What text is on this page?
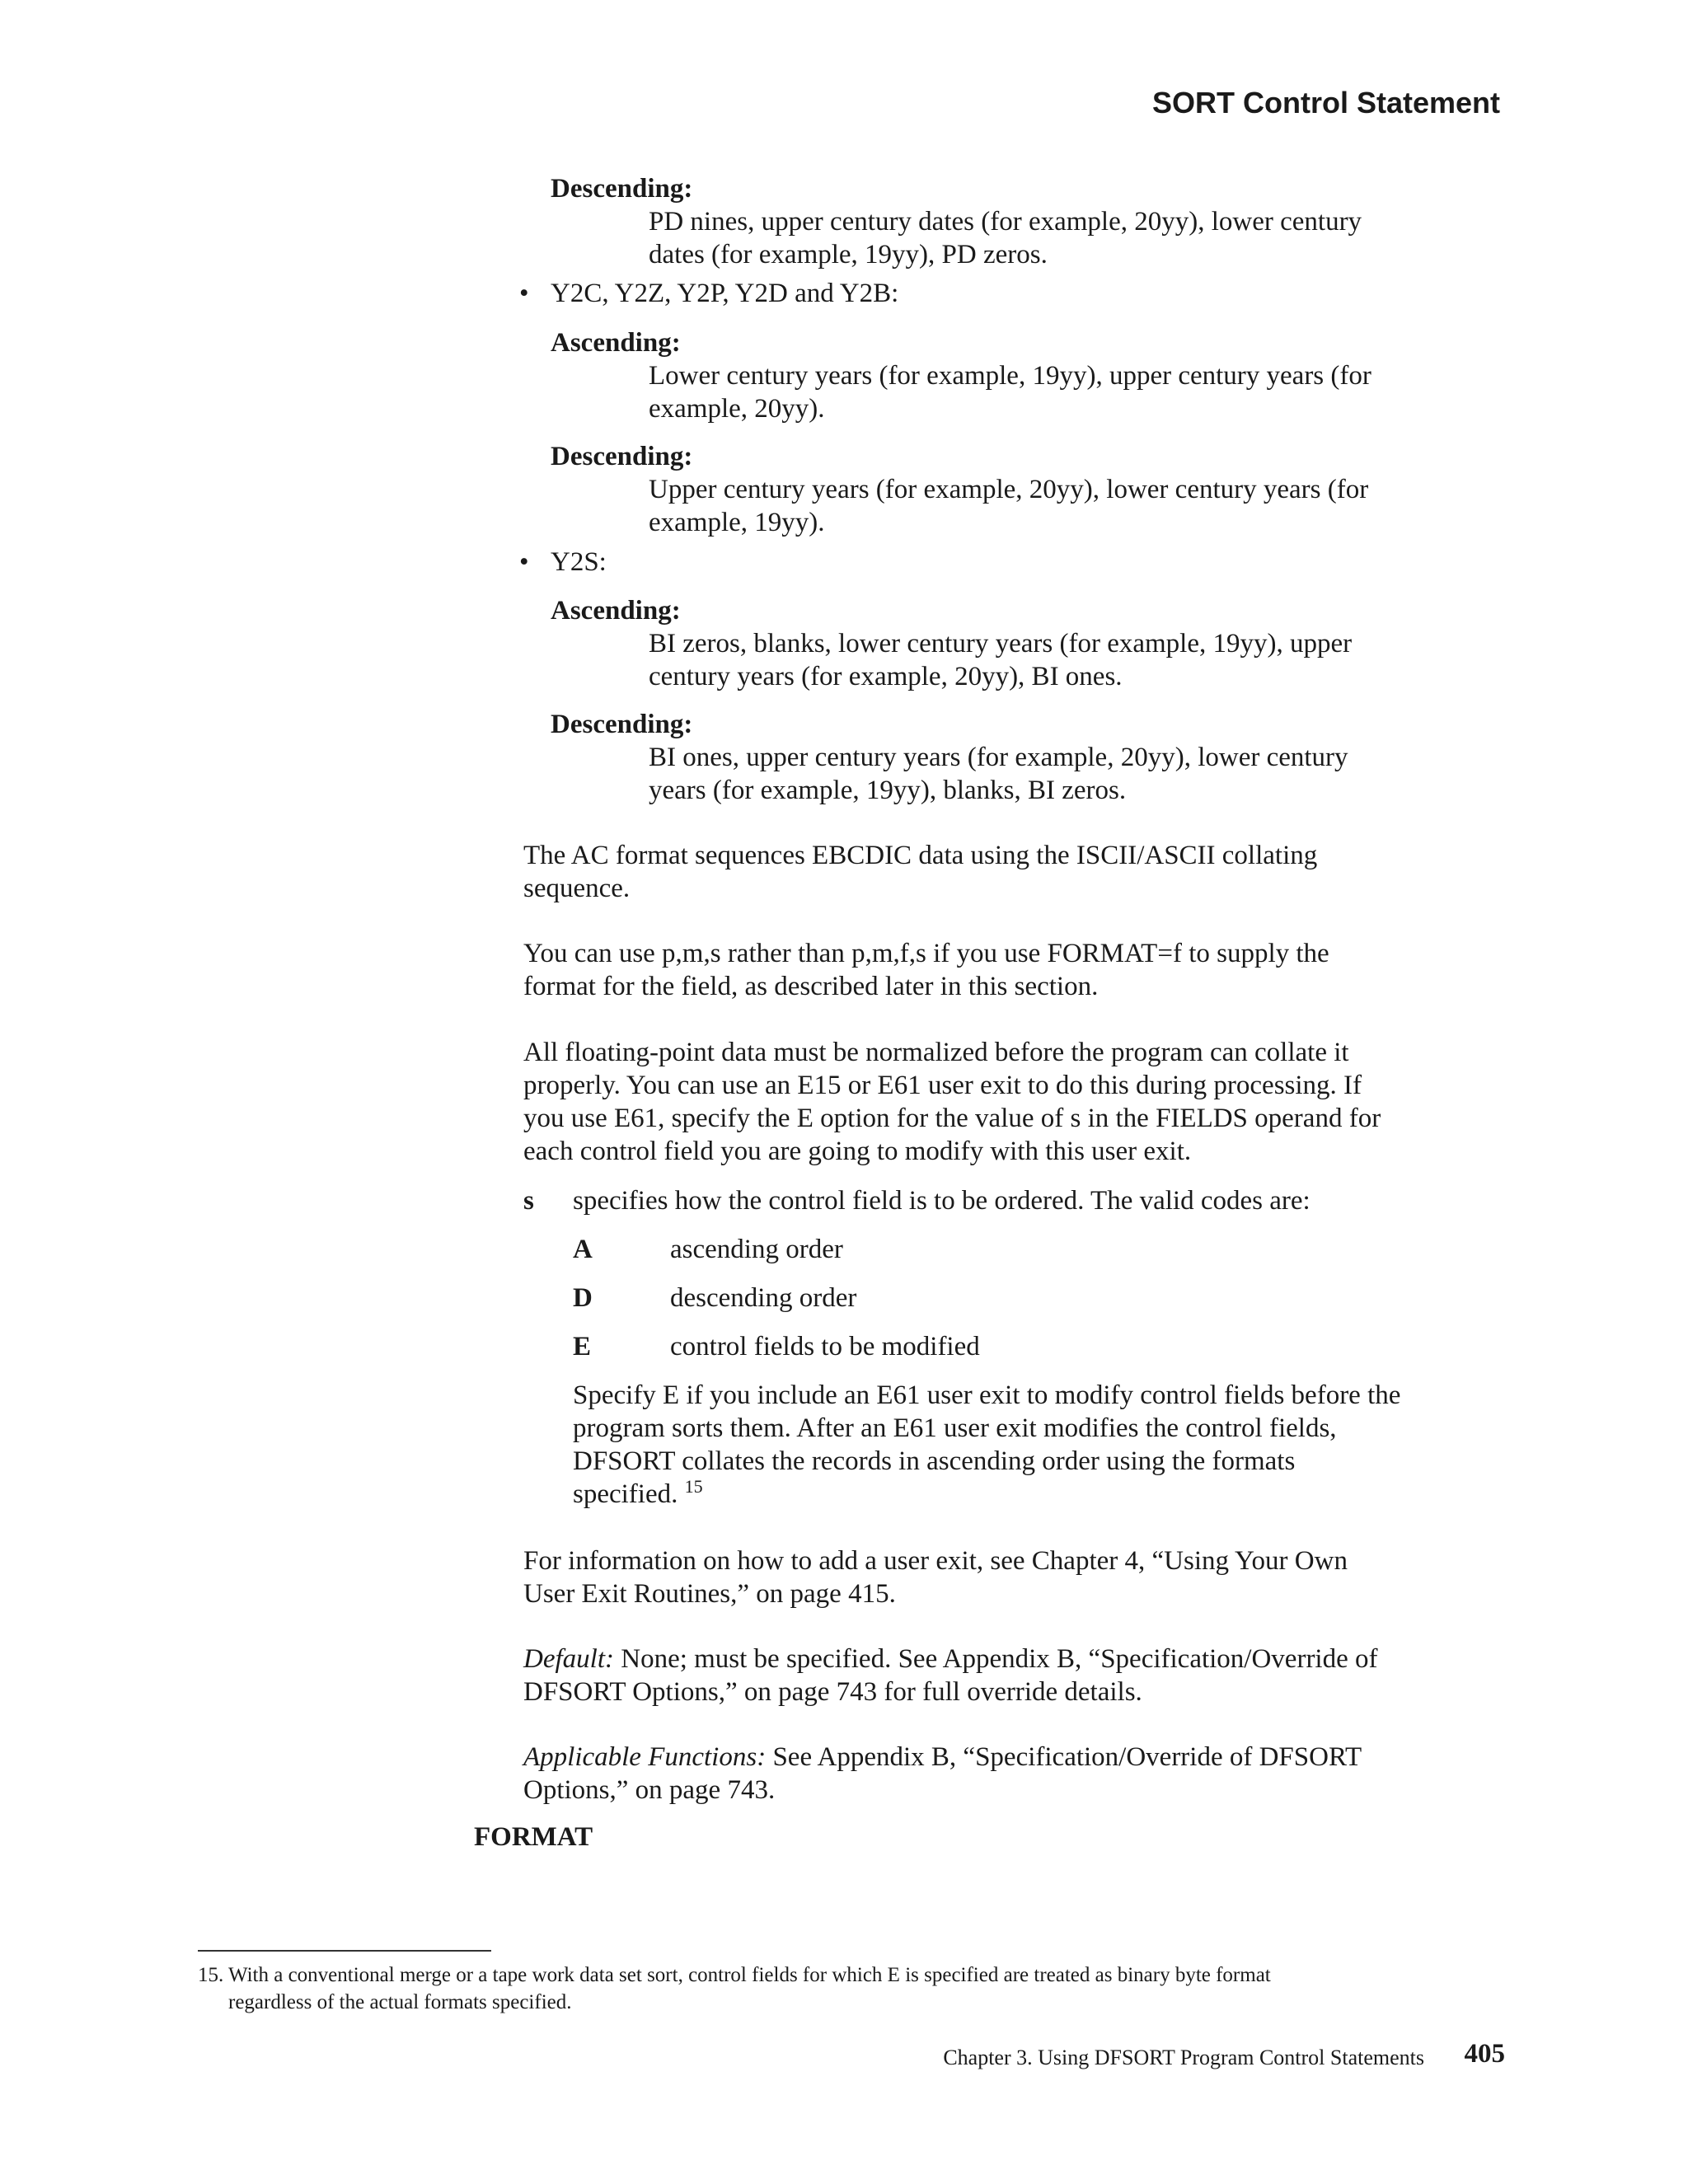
SORT Control Statement
Descending:
PD nines, upper century dates (for example, 20yy), lower century
dates (for example, 19yy), PD zeros.
• Y2C, Y2Z, Y2P, Y2D and Y2B:
Ascending:
Lower century years (for example, 19yy), upper century years (for
example, 20yy).
Descending:
Upper century years (for example, 20yy), lower century years (for
example, 19yy).
• Y2S:
Ascending:
BI zeros, blanks, lower century years (for example, 19yy), upper
century years (for example, 20yy), BI ones.
Descending:
BI ones, upper century years (for example, 20yy), lower century
years (for example, 19yy), blanks, BI zeros.
The AC format sequences EBCDIC data using the ISCII/ASCII collating
sequence.
You can use p,m,s rather than p,m,f,s if you use FORMAT=f to supply the
format for the field, as described later in this section.
All floating-point data must be normalized before the program can collate it
properly. You can use an E15 or E61 user exit to do this during processing. If
you use E61, specify the E option for the value of s in the FIELDS operand for
each control field you are going to modify with this user exit.
s specifies how the control field is to be ordered. The valid codes are:
A	ascending order
D	descending order
E	control fields to be modified
Specify E if you include an E61 user exit to modify control fields before the
program sorts them. After an E61 user exit modifies the control fields,
DFSORT collates the records in ascending order using the formats
specified. $^{15}$
For information on how to add a user exit, see Chapter 4, “Using Your Own
User Exit Routines,” on page 415.
Default: None; must be specified. See Appendix B, “Specification/Override of
DFSORT Options,” on page 743 for full override details.
Applicable Functions: See Appendix B, “Specification/Override of DFSORT
Options,” on page 743.
FORMAT
15. With a conventional merge or a tape work data set sort, control fields for which E is specified are treated as binary byte format
regardless of the actual formats specified.
Chapter 3. Using DFSORT Program Control Statements 405
